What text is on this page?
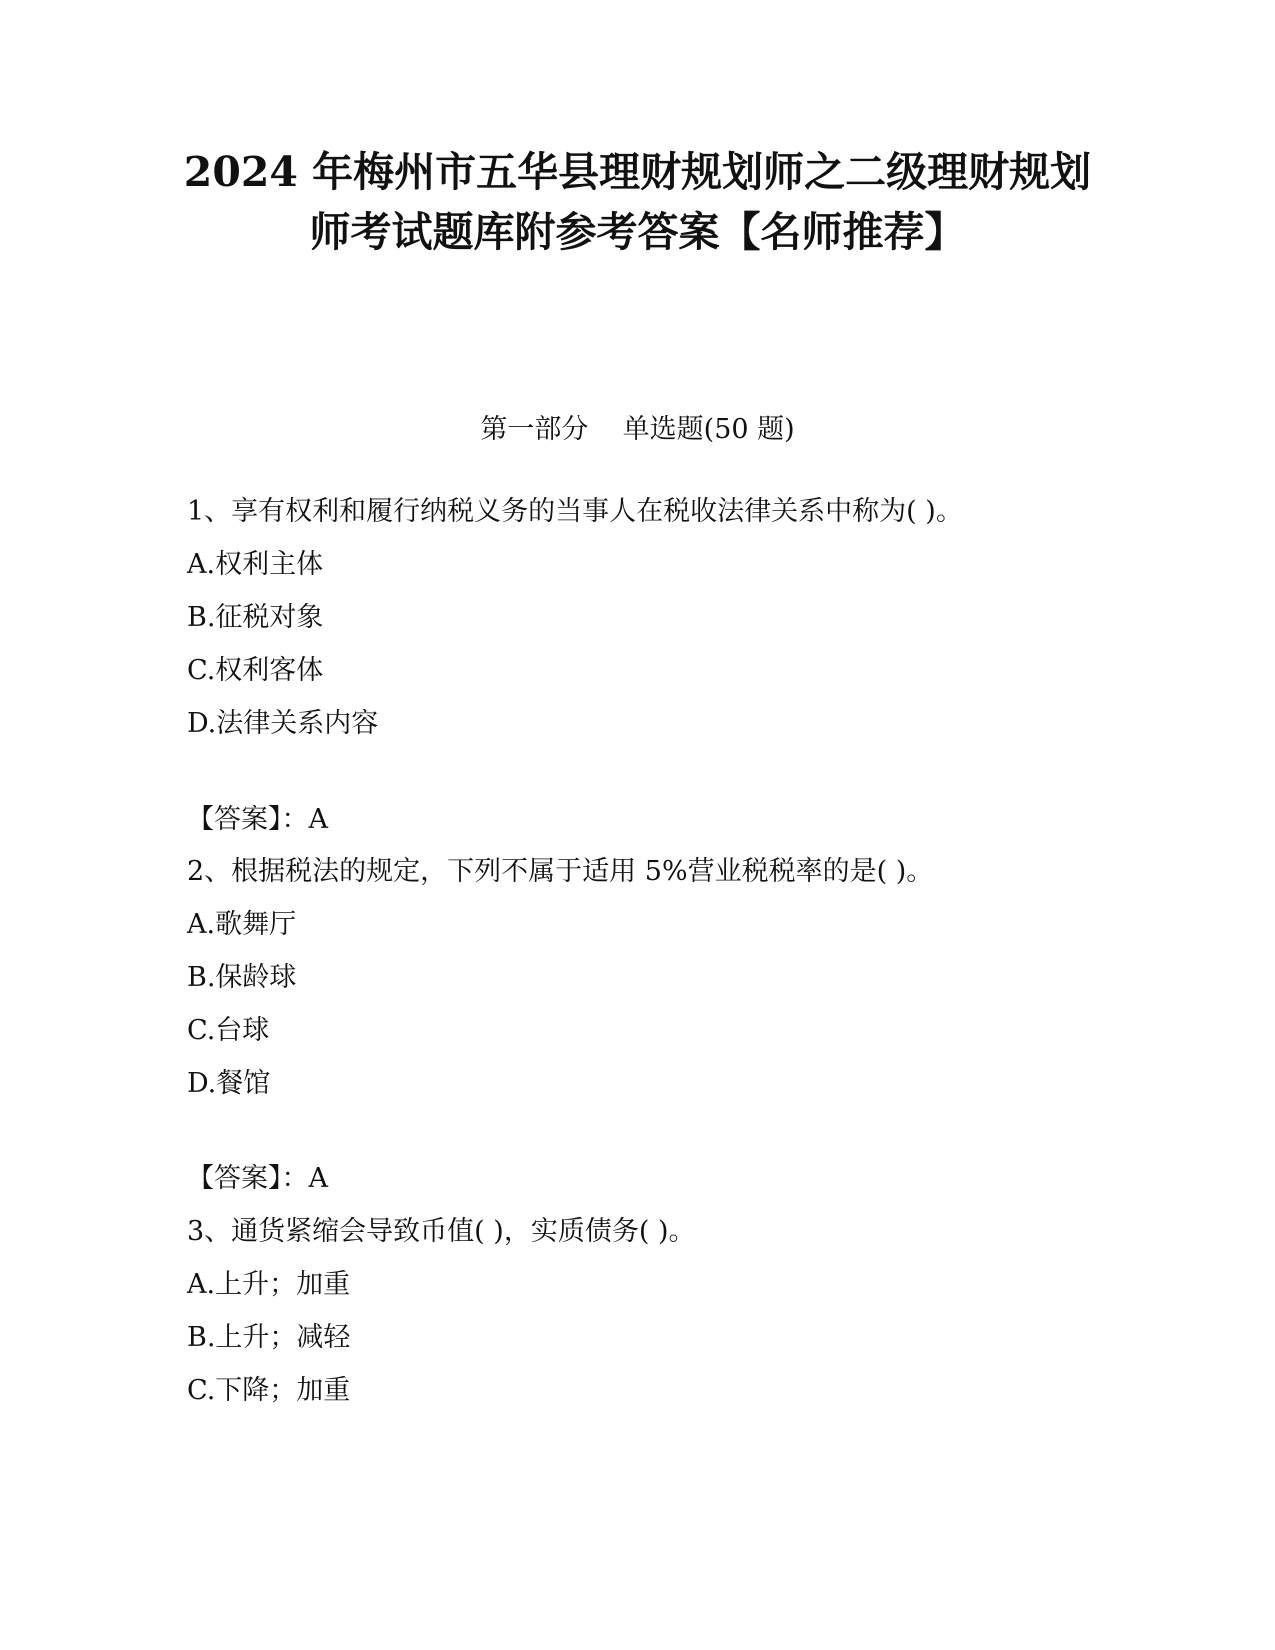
2024 年梅州市五华县理财规划师之二级理财规划
师考试题库附参考答案【名师推荐】
第一部分    单选题(50 题)
1、享有权利和履行纳税义务的当事人在税收法律关系中称为( )。
A.权利主体
B.征税对象
C.权利客体
D.法律关系内容
【答案】：A
2、根据税法的规定，下列不属于适用 5%营业税税率的是( )。
A.歌舞厅
B.保龄球
C.台球
D.餐馆
【答案】：A
3、通货紧缩会导致币值( )，实质债务( )。
A.上升；加重
B.上升；减轻
C.下降；加重
